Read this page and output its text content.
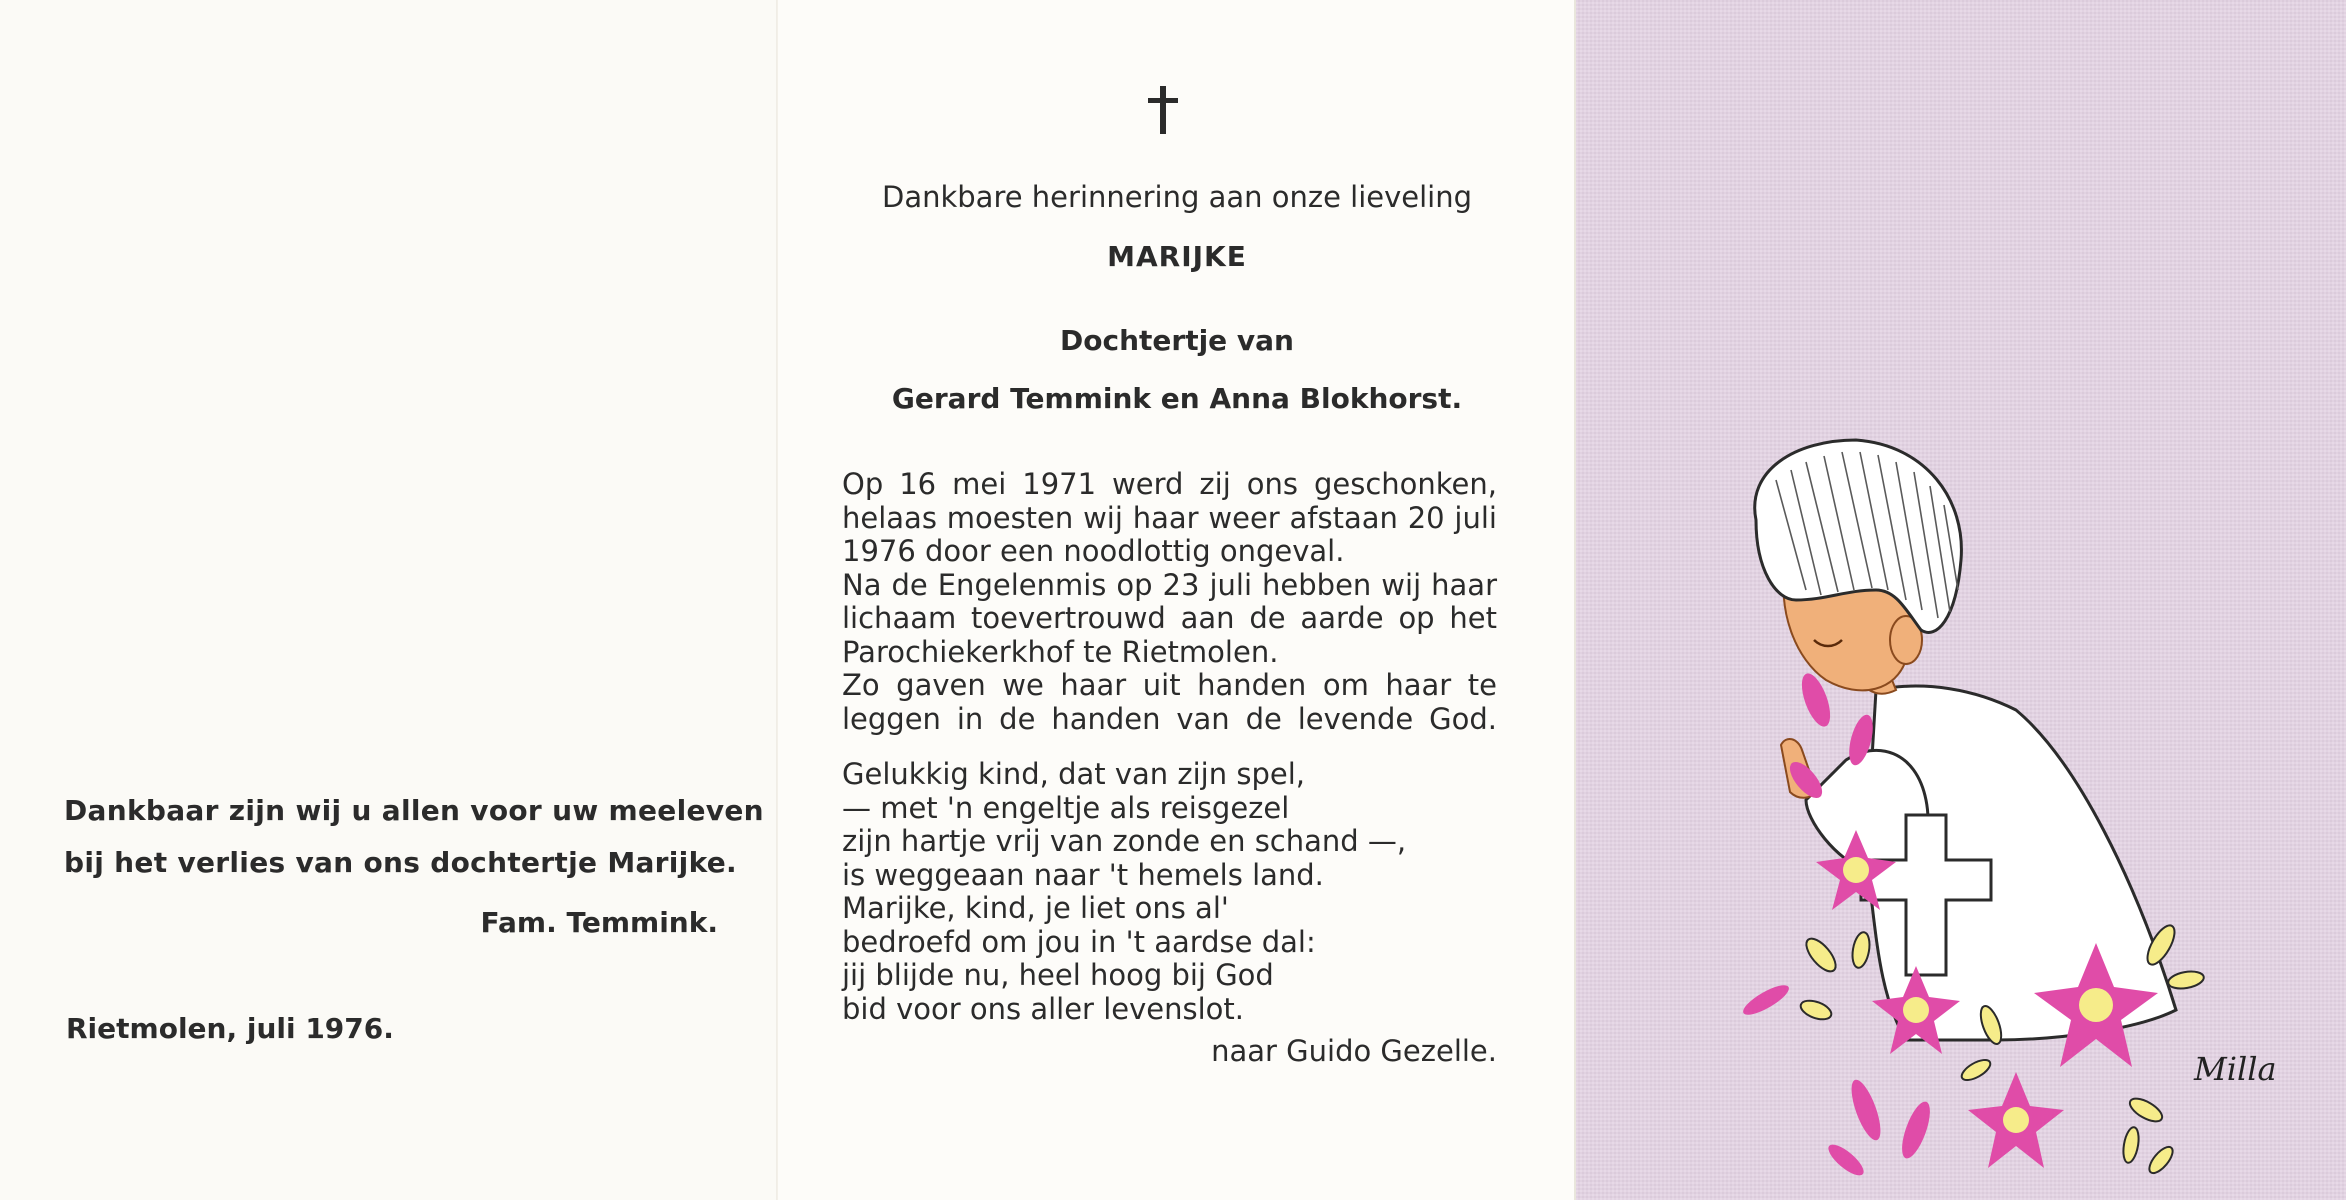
Dankbaar zijn wij u allen voor uw meeleven
bij het verlies van ons dochtertje Marijke.
Fam. Temmink.
Rietmolen, juli 1976.
Dankbare herinnering aan onze lieveling
MARIJKE
Dochtertje van
Gerard Temmink en Anna Blokhorst.
Op 16 mei 1971 werd zij ons geschonken,
helaas moesten wij haar weer afstaan 20 juli
1976 door een noodlottig ongeval.
Na de Engelenmis op 23 juli hebben wij haar
lichaam toevertrouwd aan de aarde op het
Parochiekerkhof te Rietmolen.
Zo gaven we haar uit handen om haar te
leggen in de handen van de levende God.
Gelukkig kind, dat van zijn spel,
— met 'n engeltje als reisgezel
zijn hartje vrij van zonde en schand —,
is weggeaan naar 't hemels land.
Marijke, kind, je liet ons al'
bedroefd om jou in 't aardse dal:
jij blijde nu, heel hoog bij God
bid voor ons aller levenslot.
naar Guido Gezelle.	Milla
